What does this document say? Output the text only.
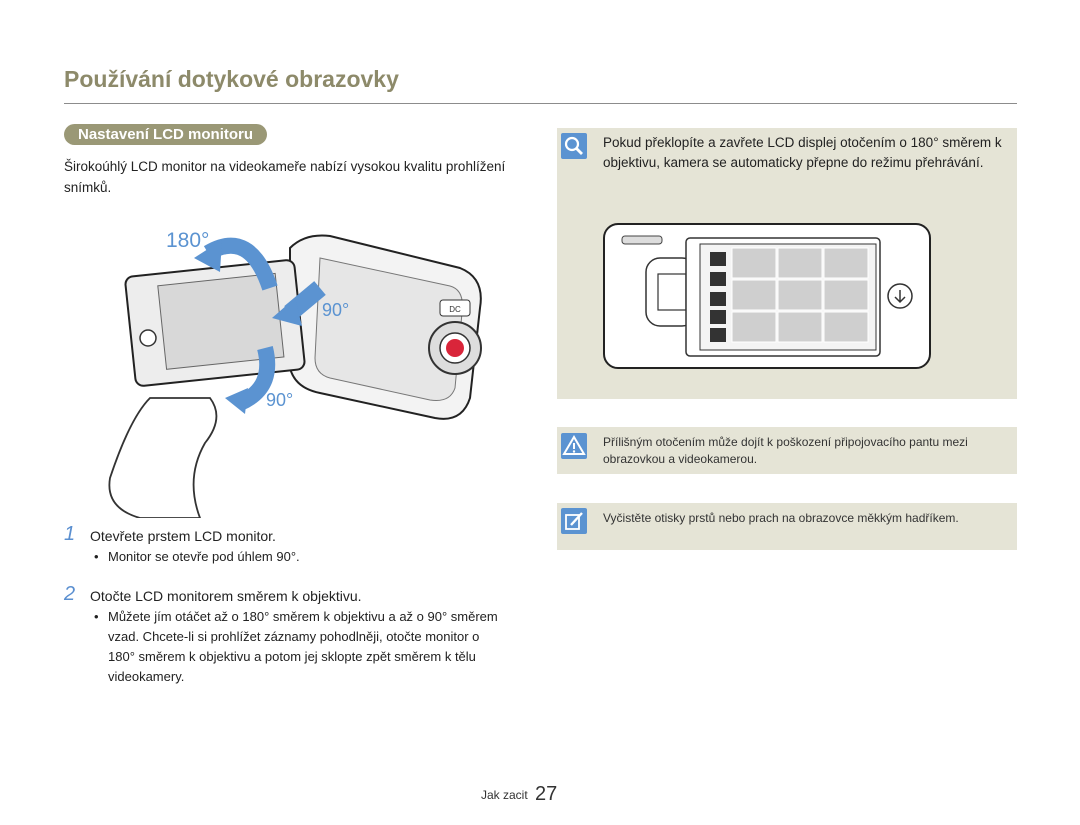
Používání dotykové obrazovky
Nastavení LCD monitoru
Širokoúhlý LCD monitor na videokameře nabízí vysokou kvalitu prohlížení snímků.
DC
180°
90°
90°
1 Otevřete prstem LCD monitor.
• Monitor se otevře pod úhlem 90°.
2 Otočte LCD monitorem směrem k objektivu.
• Můžete jím otáčet až o 180° směrem k objektivu a až o 90° směrem vzad. Chcete-li si prohlížet záznamy pohodlněji, otočte monitor o 180° směrem k objektivu a potom jej sklopte zpět směrem k tělu videokamery.
Pokud překlopíte a zavřete LCD displej otočením o 180° směrem k objektivu, kamera se automaticky přepne do režimu přehrávání.
Přílišným otočením může dojít k poškození připojovacího pantu mezi obrazovkou a videokamerou.
Vyčistěte otisky prstů nebo prach na obrazovce měkkým hadříkem.
Jak zacit 27
